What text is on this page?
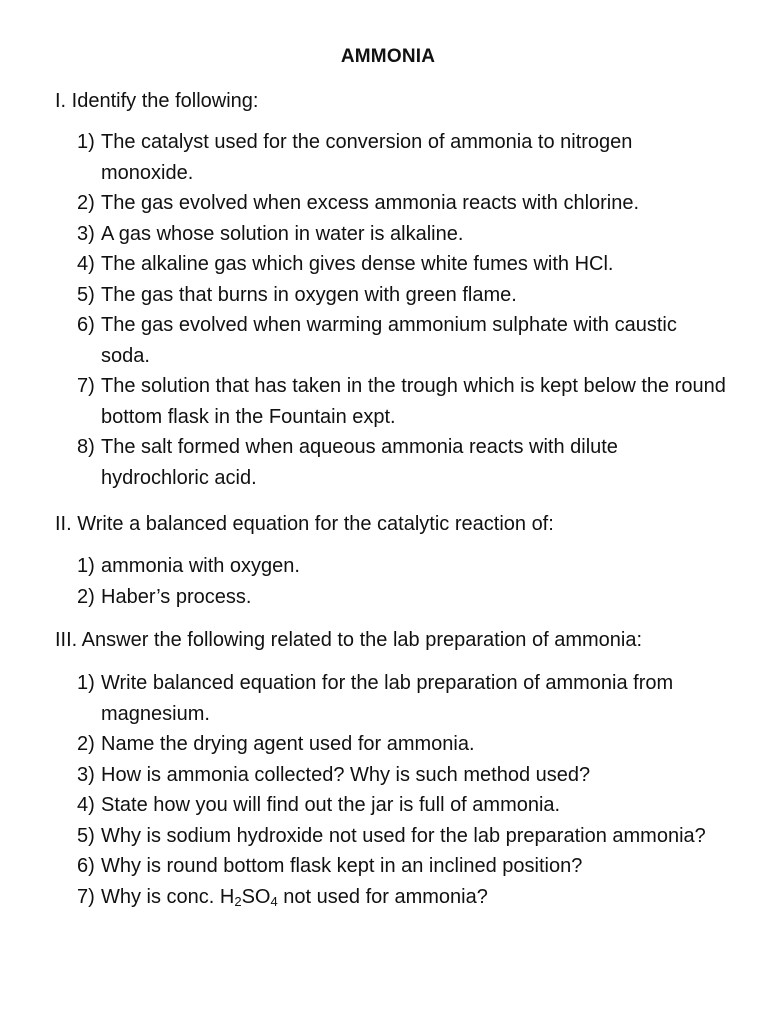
AMMONIA
I. Identify the following:
1) The catalyst used for the conversion of ammonia to nitrogen monoxide.
2) The gas evolved when excess ammonia reacts with chlorine.
3) A gas whose solution in water is alkaline.
4) The alkaline gas which gives dense white fumes with HCl.
5) The gas that burns in oxygen with green flame.
6) The gas evolved when warming ammonium sulphate with caustic soda.
7) The solution that has taken in the trough which is kept below the round bottom flask in the Fountain expt.
8) The salt formed when aqueous ammonia reacts with dilute hydrochloric acid.
II. Write a balanced equation for the catalytic reaction of:
1) ammonia with oxygen.
2) Haber’s process.
III. Answer the following related to the lab preparation of ammonia:
1) Write balanced equation for the lab preparation of ammonia from magnesium.
2) Name the drying agent used for ammonia.
3) How is ammonia collected? Why is such method used?
4) State how you will find out the jar is full of ammonia.
5) Why is sodium hydroxide not used for the lab preparation ammonia?
6) Why is round bottom flask kept in an inclined position?
7) Why is conc. $H_2SO_4$ not used for ammonia?
